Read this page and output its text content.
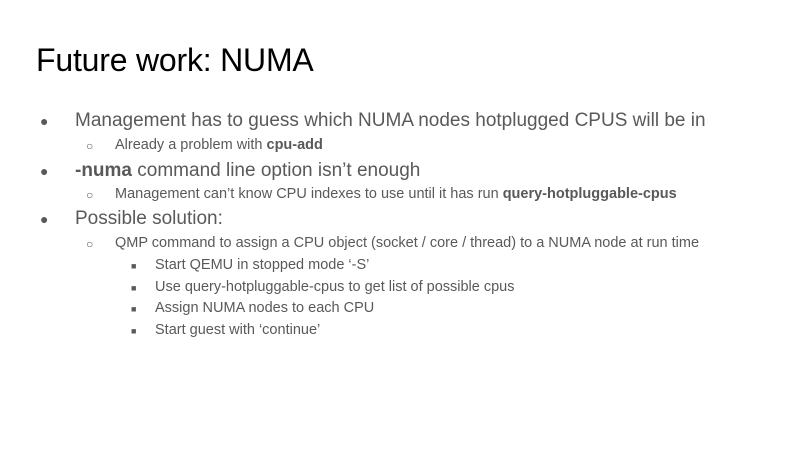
Future work: NUMA
● Management has to guess which NUMA nodes hotplugged CPUS will be in
○ Already a problem with cpu-add
● -numa command line option isn’t enough
○ Management can’t know CPU indexes to use until it has run query-hotpluggable-cpus
● Possible solution:
○ QMP command to assign a CPU object (socket / core / thread) to a NUMA node at run time
■ Start QEMU in stopped mode ‘-S’
■ Use query-hotpluggable-cpus to get list of possible cpus
■ Assign NUMA nodes to each CPU
■ Start guest with ‘continue’
